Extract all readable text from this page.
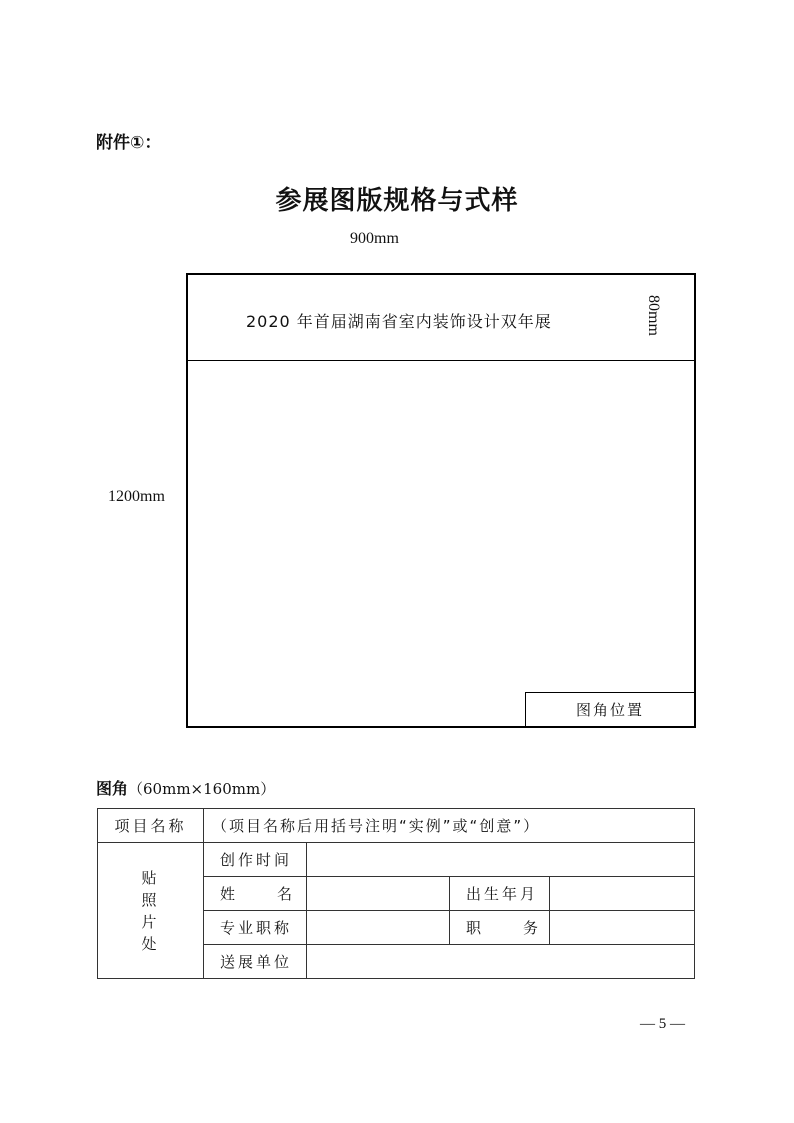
附件①：
参展图版规格与式样
900mm
1200mm
2020 年首届湖南省室内装饰设计双年展	80mm
图角位置
图角（60mm×160mm）
项目名称	（项目名称后用括号注明“实例”或“创意”）			

贴
照
片
处	创作时间			

	姓 名		出生年月	
	专业职称		职 务	

	送展单位			
— 5 —
